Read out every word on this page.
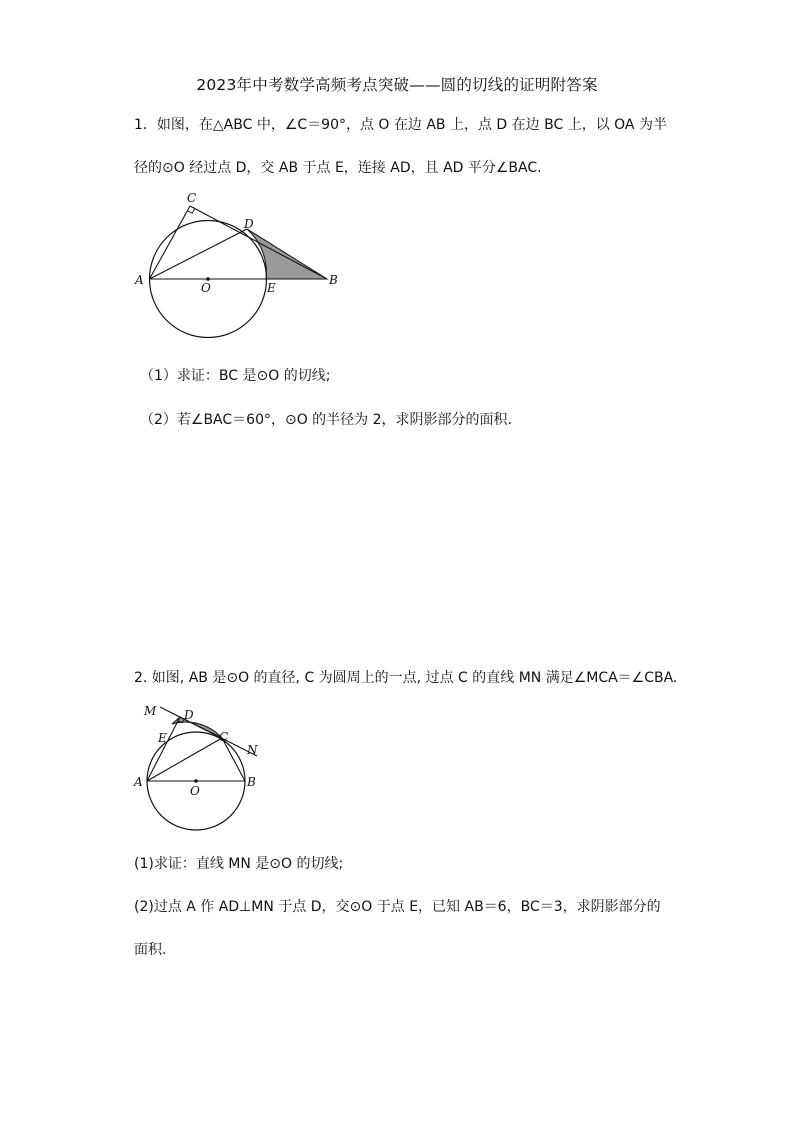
2023年中考数学高频考点突破——圆的切线的证明附答案
1．如图，在△ABC 中，∠C＝90°，点 O 在边 AB 上，点 D 在边 BC 上，以 OA 为半
径的⊙O 经过点 D，交 AB 于点 E，连接 AD，且 AD 平分∠BAC.
C
D
A
O	E
B
（1）求证：BC 是⊙O 的切线;
（2）若∠BAC＝60°，⊙O 的半径为 2，求阴影部分的面积.
2. 如图, AB 是⊙O 的直径, C 为圆周上的一点, 过点 C 的直线 MN 满足∠MCA＝∠CBA.
M D
E	C
N
A
O
B
(1)求证：直线 MN 是⊙O 的切线;
(2)过点 A 作 AD⊥MN 于点 D，交⊙O 于点 E，已知 AB＝6，BC＝3，求阴影部分的
面积.
